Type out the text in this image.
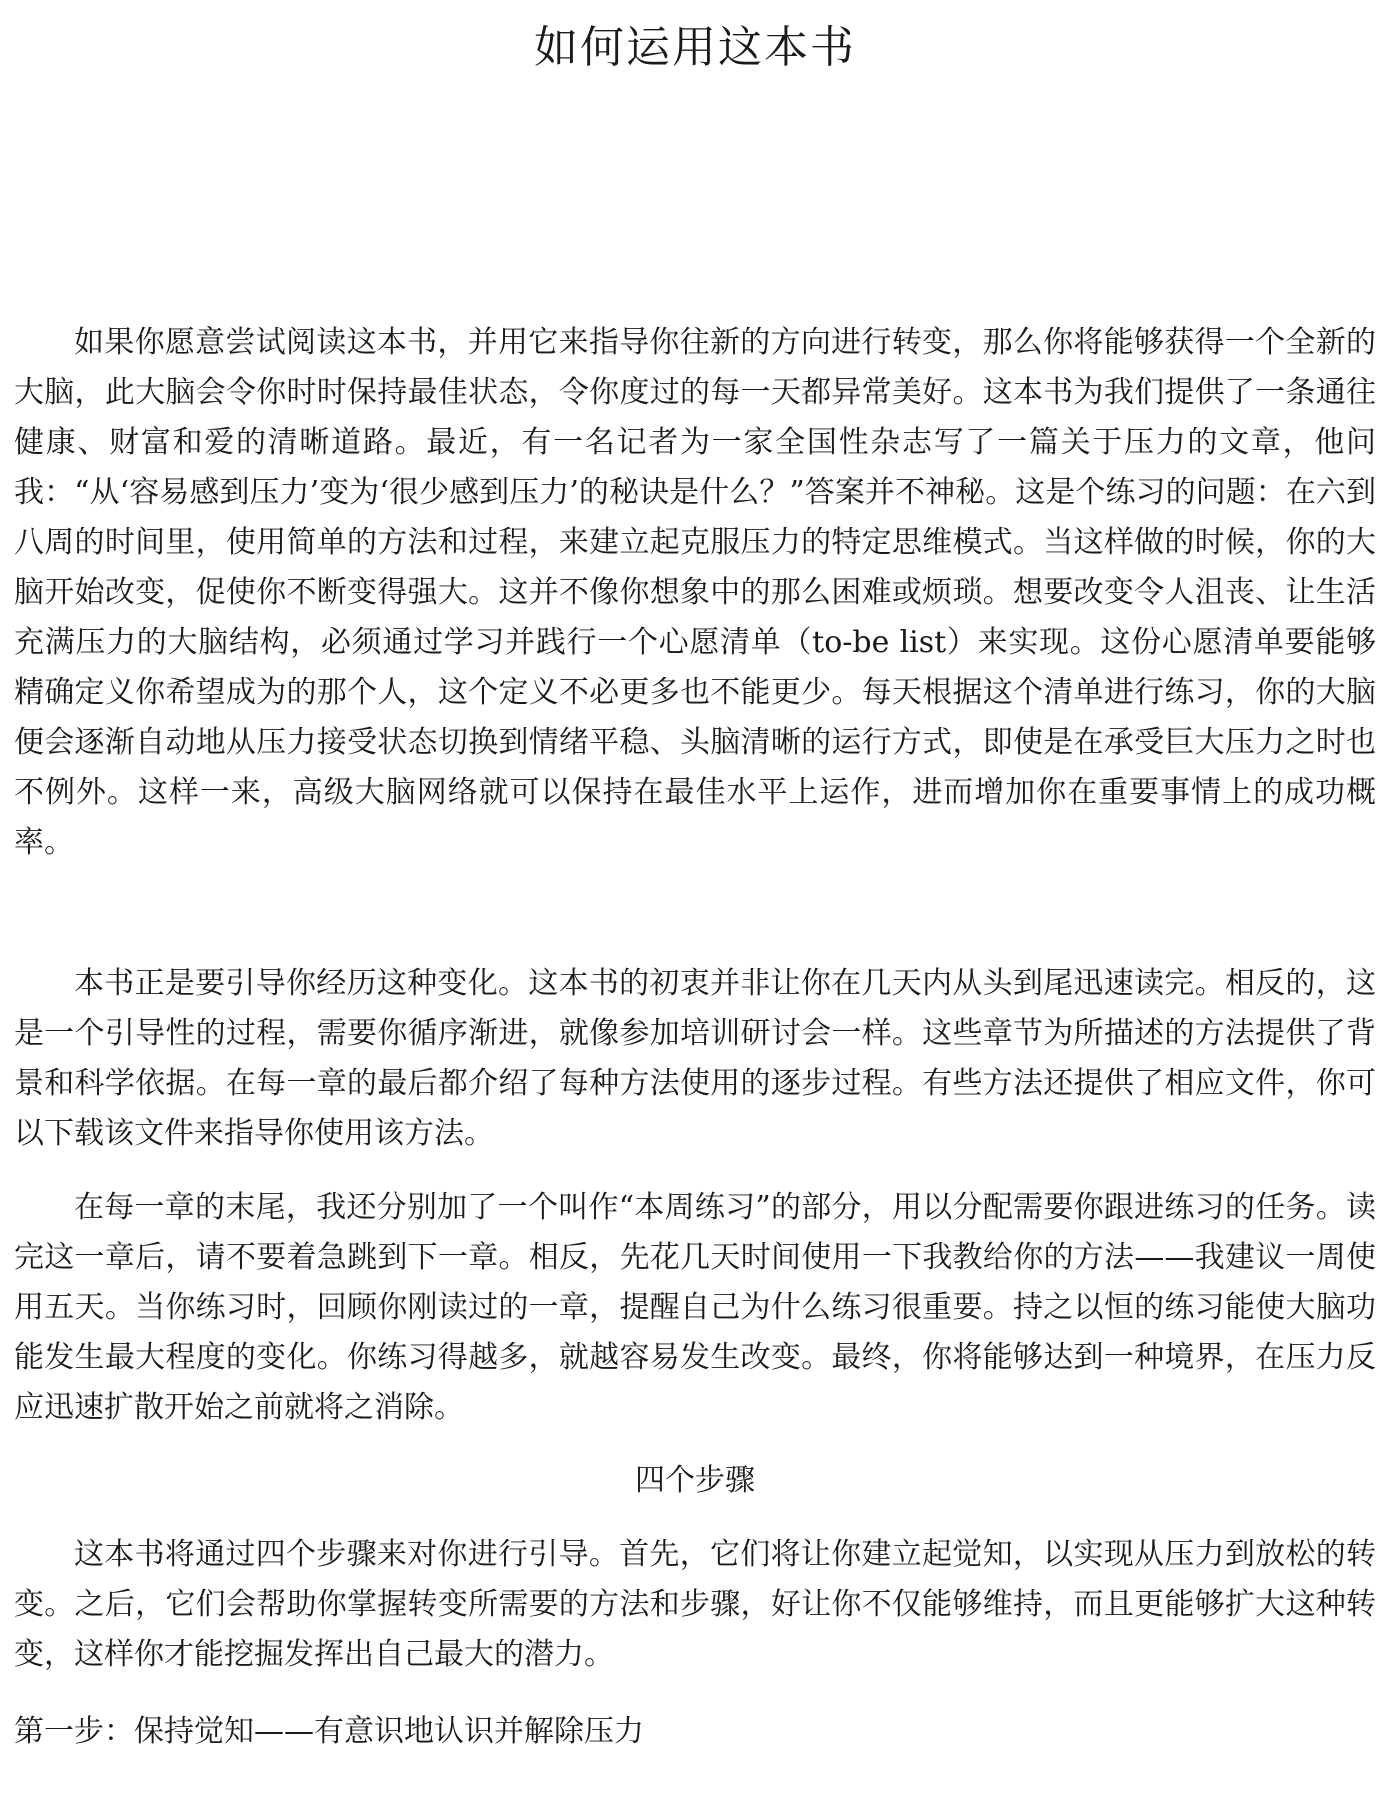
如何运用这本书

如果你愿意尝试阅读这本书，并用它来指导你往新的方向进行转变，那么你将能够获得一个全新的大脑，此大脑会令你时时保持最佳状态，令你度过的每一天都异常美好。这本书为我们提供了一条通往健康、财富和爱的清晰道路。最近，有一名记者为一家全国性杂志写了一篇关于压力的文章，他问我：“从‘容易感到压力’变为‘很少感到压力’的秘诀是什么？”答案并不神秘。这是个练习的问题：在六到八周的时间里，使用简单的方法和过程，来建立起克服压力的特定思维模式。当这样做的时候，你的大脑开始改变，促使你不断变得强大。这并不像你想象中的那么困难或烦琐。想要改变令人沮丧、让生活充满压力的大脑结构，必须通过学习并践行一个心愿清单（to-be list）来实现。这份心愿清单要能够精确定义你希望成为的那个人，这个定义不必更多也不能更少。每天根据这个清单进行练习，你的大脑便会逐渐自动地从压力接受状态切换到情绪平稳、头脑清晰的运行方式，即使是在承受巨大压力之时也不例外。这样一来，高级大脑网络就可以保持在最佳水平上运作，进而增加你在重要事情上的成功概率。

本书正是要引导你经历这种变化。这本书的初衷并非让你在几天内从头到尾迅速读完。相反的，这是一个引导性的过程，需要你循序渐进，就像参加培训研讨会一样。这些章节为所描述的方法提供了背景和科学依据。在每一章的最后都介绍了每种方法使用的逐步过程。有些方法还提供了相应文件，你可以下载该文件来指导你使用该方法。

在每一章的末尾，我还分别加了一个叫作“本周练习”的部分，用以分配需要你跟进练习的任务。读完这一章后，请不要着急跳到下一章。相反，先花几天时间使用一下我教给你的方法——我建议一周使用五天。当你练习时，回顾你刚读过的一章，提醒自己为什么练习很重要。持之以恒的练习能使大脑功能发生最大程度的变化。你练习得越多，就越容易发生改变。最终，你将能够达到一种境界，在压力反应迅速扩散开始之前就将之消除。

四个步骤

这本书将通过四个步骤来对你进行引导。首先，它们将让你建立起觉知，以实现从压力到放松的转变。之后，它们会帮助你掌握转变所需要的方法和步骤，好让你不仅能够维持，而且更能够扩大这种转变，这样你才能挖掘发挥出自己最大的潜力。

第一步：保持觉知——有意识地认识并解除压力
